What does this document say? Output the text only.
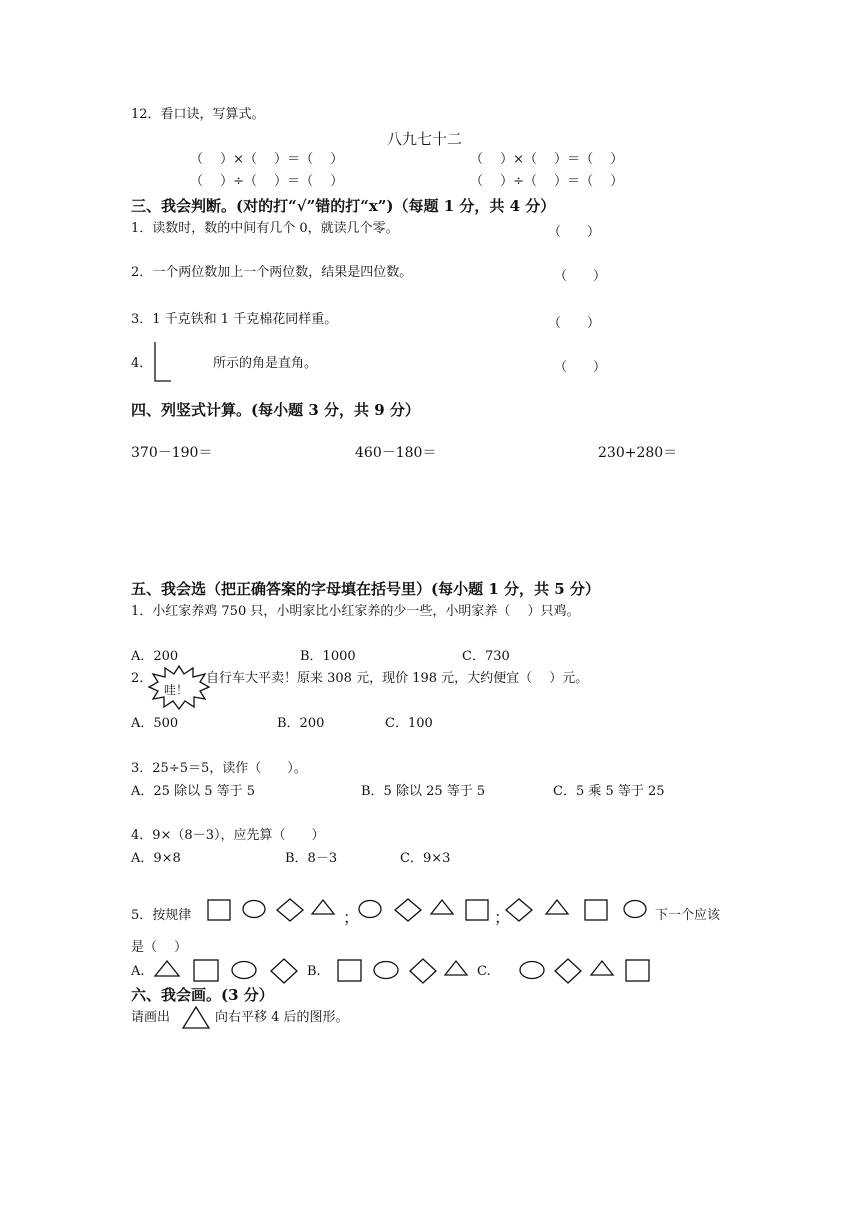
12．看口诀，写算式。
八九七十二
（　 ）×（　 ）＝（　 ）	（　 ）×（　 ）＝（　 ）
（　 ）÷（　 ）＝（　 ）	（　 ）÷（　 ）＝（　 ）
三、我会判断。(对的打“√”错的打“x”)（每题 1 分，共 4 分）
1．读数时，数的中间有几个 0，就读几个零。	（　　）
2．一个两位数加上一个两位数，结果是四位数。	（　　）
3．1 千克铁和 1 千克棉花同样重。	（　　）
4．	所示的角是直角。	（　　）
四、列竖式计算。(每小题 3 分，共 9 分）
370－190＝	460－180＝	230+280＝
五、我会选（把正确答案的字母填在括号里）(每小题 1 分，共 5 分）
1．小红家养鸡 750 只，小明家比小红家养的少一些，小明家养（　 ）只鸡。
A．200	B．1000	C．730
2．
哇！
自行车大平卖！原来 308 元，现价 198 元，大约便宜（　 ）元。
A．500	B．200	C．100
3．25÷5＝5，读作（　　）。
A．25 除以 5 等于 5	B．5 除以 25 等于 5	C．5 乘 5 等于 25
4．9×（8－3），应先算（　　）
A．9×8	B．8－3	C．9×3
5．按规律	；	；	下一个应该
是（　 ）
A.	B.	C.
六、我会画。(3 分）
请画出	向右平移 4 后的图形。
